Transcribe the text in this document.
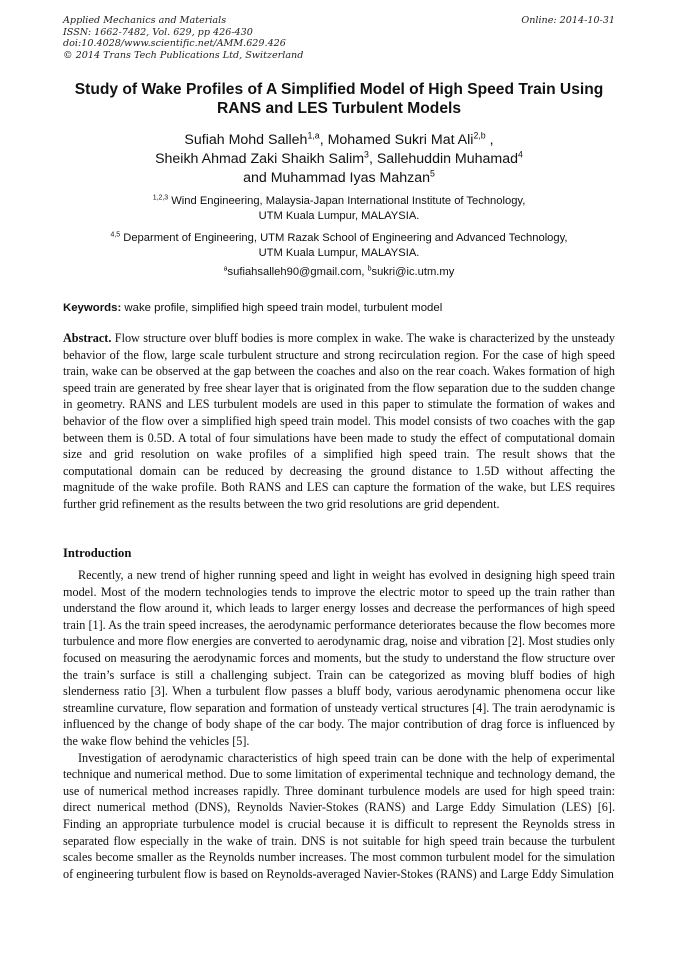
Applied Mechanics and Materials
ISSN: 1662-7482, Vol. 629, pp 426-430
doi:10.4028/www.scientific.net/AMM.629.426
© 2014 Trans Tech Publications Ltd, Switzerland
Online: 2014-10-31
Study of Wake Profiles of A Simplified Model of High Speed Train Using
RANS and LES Turbulent Models
Sufiah Mohd Salleh$^{1,a}$, Mohamed Sukri Mat Ali$^{2,b}$ ,
Sheikh Ahmad Zaki Shaikh Salim$^3$, Sallehuddin Muhamad$^4$
and Muhammad Iyas Mahzan$^5$
$^{1,2,3}$ Wind Engineering, Malaysia-Japan International Institute of Technology,
UTM Kuala Lumpur, MALAYSIA.
$^{4,5}$ Deparment of Engineering, UTM Razak School of Engineering and Advanced Technology,
UTM Kuala Lumpur, MALAYSIA.
$^a$sufiahsalleh90@gmail.com, $^b$sukri@ic.utm.my
Keywords: wake profile, simplified high speed train model, turbulent model
Abstract. Flow structure over bluff bodies is more complex in wake. The wake is characterized by the unsteady behavior of the flow, large scale turbulent structure and strong recirculation region. For the case of high speed train, wake can be observed at the gap between the coaches and also on the rear coach. Wakes formation of high speed train are generated by free shear layer that is originated from the flow separation due to the sudden change in geometry. RANS and LES turbulent models are used in this paper to stimulate the formation of wakes and behavior of the flow over a simplified high speed train model. This model consists of two coaches with the gap between them is 0.5D. A total of four simulations have been made to study the effect of computational domain size and grid resolution on wake profiles of a simplified high speed train. The result shows that the computational domain can be reduced by decreasing the ground distance to 1.5D without affecting the magnitude of the wake profile. Both RANS and LES can capture the formation of the wake, but LES requires further grid refinement as the results between the two grid resolutions are grid dependent.
Introduction

Recently, a new trend of higher running speed and light in weight has evolved in designing high speed train model. Most of the modern technologies tends to improve the electric motor to speed up the train rather than understand the flow around it, which leads to larger energy losses and decrease the performances of high speed train [1]. As the train speed increases, the aerodynamic performance deteriorates because the flow becomes more turbulence and more flow energies are converted to aerodynamic drag, noise and vibration [2]. Most studies only focused on measuring the aerodynamic forces and moments, but the study to understand the flow structure over the train’s surface is still a challenging subject. Train can be categorized as moving bluff bodies of high slenderness ratio [3]. When a turbulent flow passes a bluff body, various aerodynamic phenomena occur like streamline curvature, flow separation and formation of unsteady vertical structures [4]. The train aerodynamic is influenced by the change of body shape of the car body. The major contribution of drag force is influenced by the wake flow behind the vehicles [5].

Investigation of aerodynamic characteristics of high speed train can be done with the help of experimental technique and numerical method. Due to some limitation of experimental technique and technology demand, the use of numerical method increases rapidly. Three dominant turbulence models are used for high speed train: direct numerical method (DNS), Reynolds Navier-Stokes (RANS) and Large Eddy Simulation (LES) [6]. Finding an appropriate turbulence model is crucial because it is difficult to represent the Reynolds stress in separated flow especially in the wake of train. DNS is not suitable for high speed train because the turbulent scales become smaller as the Reynolds number increases. The most common turbulent model for the simulation of engineering turbulent flow is based on Reynolds-averaged Navier-Stokes (RANS) and Large Eddy Simulation
